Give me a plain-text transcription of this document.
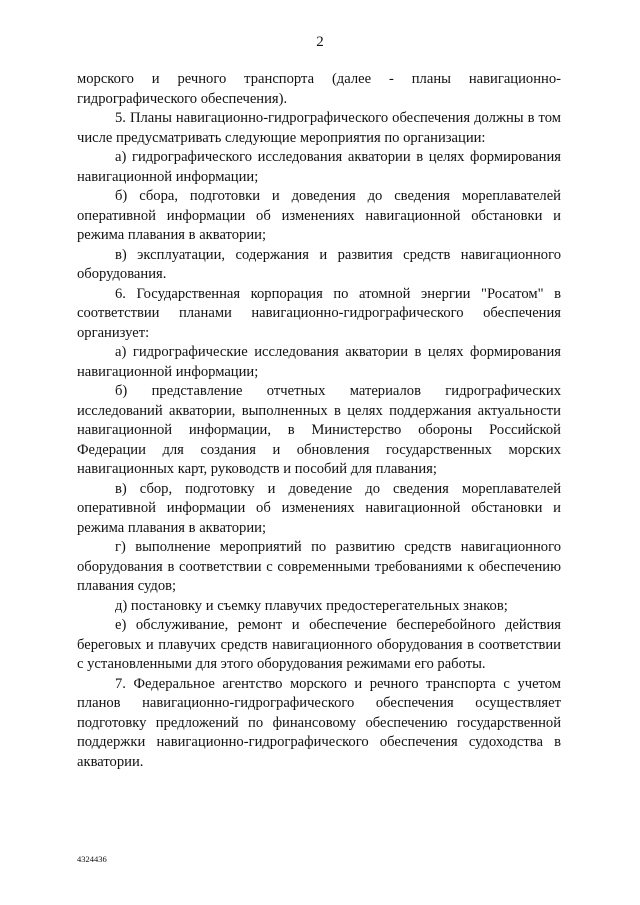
2

морского и речного транспорта (далее - планы навигационно-гидрографического обеспечения).

5. Планы навигационно-гидрографического обеспечения должны в том числе предусматривать следующие мероприятия по организации:

а) гидрографического исследования акватории в целях формирования навигационной информации;

б) сбора, подготовки и доведения до сведения мореплавателей оперативной информации об изменениях навигационной обстановки и режима плавания в акватории;

в) эксплуатации, содержания и развития средств навигационного оборудования.

6. Государственная корпорация по атомной энергии "Росатом" в соответствии планами навигационно-гидрографического обеспечения организует:

а) гидрографические исследования акватории в целях формирования навигационной информации;

б) представление отчетных материалов гидрографических исследований акватории, выполненных в целях поддержания актуальности навигационной информации, в Министерство обороны Российской Федерации для создания и обновления государственных морских навигационных карт, руководств и пособий для плавания;

в) сбор, подготовку и доведение до сведения мореплавателей оперативной информации об изменениях навигационной обстановки и режима плавания в акватории;

г) выполнение мероприятий по развитию средств навигационного оборудования в соответствии с современными требованиями к обеспечению плавания судов;

д) постановку и съемку плавучих предостерегательных знаков;

е) обслуживание, ремонт и обеспечение бесперебойного действия береговых и плавучих средств навигационного оборудования в соответствии с установленными для этого оборудования режимами его работы.

7. Федеральное агентство морского и речного транспорта с учетом планов навигационно-гидрографического обеспечения осуществляет подготовку предложений по финансовому обеспечению государственной поддержки навигационно-гидрографического обеспечения судоходства в акватории.

4324436
